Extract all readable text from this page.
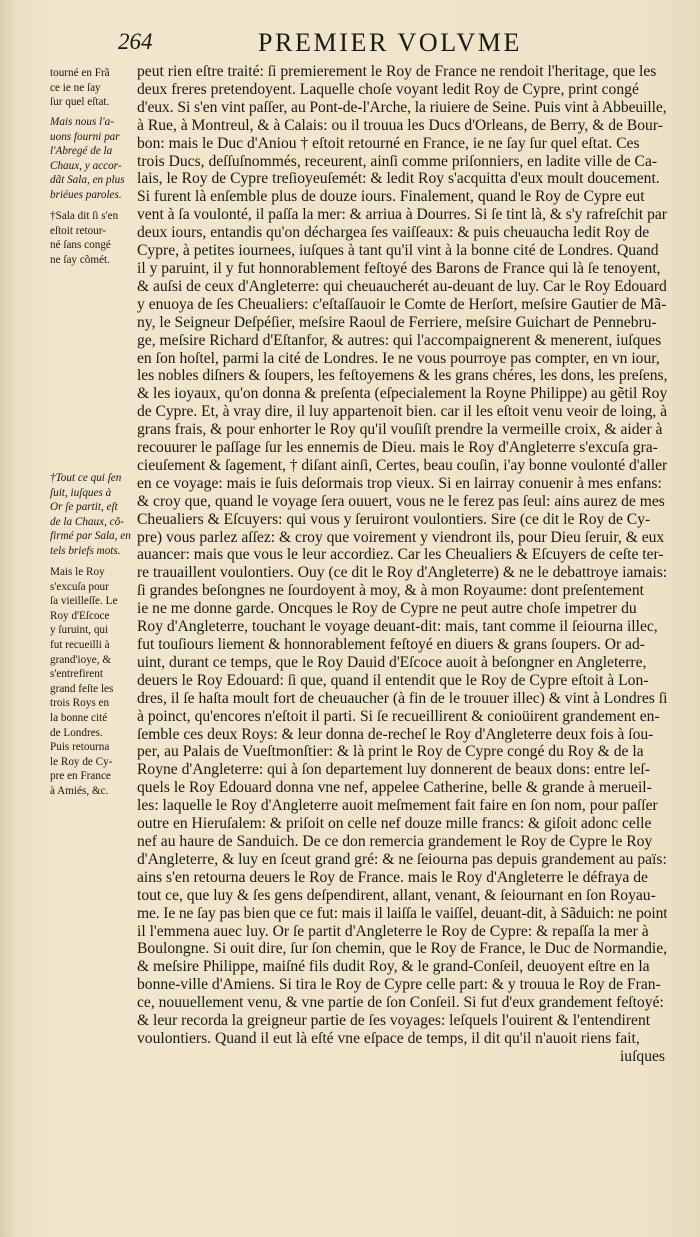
264	PREMIER VOLVME
tourné en Frã
ce ie ne ſay
ſur quel eſtat.
Mais nous l'a-
uons fourni par
l'Abregé de la
Chaux, y accor-
dãt Sala, en plus
briéues paroles.
†Sala dit ſi s'en
eſtoit retour-
né ſans congé
ne ſay cõmét.
†Tout ce qui ſen
ſuit, iuſques à
Or ſe partit, eſt
de la Chaux, cõ-
firmé par Sala, en
tels briefs mots.
Mais le Roy
s'excuſa pour
ſa vieilleſſe. Le
Roy d'Eſcoce
y ſuruint, qui
fut recueilli à
grand'ioye, &
s'entrefirent
grand feſte les
trois Roys en
la bonne cité
de Londres.
Puis retourna
le Roy de Cy-
pre en France
à Amiés, &c.
peut rien eſtre traité: ſi premierement le Roy de France ne rendoit l'heritage, que les
deux freres pretendoyent. Laquelle choſe voyant ledit Roy de Cypre, print congé
d'eux. Si s'en vint paſſer, au Pont-de-l'Arche, la riuiere de Seine. Puis vint à Abbeuille,
à Rue, à Montreul, & à Calais: ou il trouua les Ducs d'Orleans, de Berry, & de Bour-
bon: mais le Duc d'Aniou † eſtoit retourné en France, ie ne ſay ſur quel eſtat. Ces
trois Ducs, deſſuſnommés, receurent, ainſi comme priſonniers, en ladite ville de Ca-
lais, le Roy de Cypre treſioyeuſemét: & ledit Roy s'acquitta d'eux moult doucement.
Si furent là enſemble plus de douze iours. Finalement, quand le Roy de Cypre eut
vent à ſa voulonté, il paſſa la mer: & arriua à Dourres. Si ſe tint là, & s'y rafreſchit par
deux iours, entandis qu'on déchargea ſes vaiſſeaux: & puis cheuaucha ledit Roy de
Cypre, à petites iournees, iuſques à tant qu'il vint à la bonne cité de Londres. Quand
il y paruint, il y fut honnorablement feſtoyé des Barons de France qui là ſe tenoyent,
& auſsi de ceux d'Angleterre: qui cheuaucherét au-deuant de luy. Car le Roy Edouard
y enuoya de ſes Cheualiers: c'eſtaſſauoir le Comte de Herſort, meſsire Gautier de Mã-
ny, le Seigneur Deſpéſier, meſsire Raoul de Ferriere, meſsire Guichart de Pennebru-
ge, meſsire Richard d'Eſtanfor, & autres: qui l'accompaignerent & menerent, iuſques
en ſon hoſtel, parmi la cité de Londres. Ie ne vous pourroye pas compter, en vn iour,
les nobles diſners & ſoupers, les feſtoyemens & les grans chéres, les dons, les preſens,
& les ioyaux, qu'on donna & preſenta (eſpecialement la Royne Philippe) au gẽtil Roy
de Cypre. Et, à vray dire, il luy appartenoit bien. car il les eſtoit venu veoir de loing, à
grans frais, & pour enhorter le Roy qu'il vouſiſt prendre la vermeille croix, & aider à
recouurer le paſſage ſur les ennemis de Dieu. mais le Roy d'Angleterre s'excuſa gra-
cieuſement & ſagement, † diſant ainſi, Certes, beau couſin, i'ay bonne voulonté d'aller
en ce voyage: mais ie ſuis deſormais trop vieux. Si en lairray conuenir à mes enfans:
& croy que, quand le voyage ſera ouuert, vous ne le ferez pas ſeul: ains aurez de mes
Cheualiers & Eſcuyers: qui vous y ſeruiront voulontiers. Sire (ce dit le Roy de Cy-
pre) vous parlez aſſez: & croy que voirement y viendront ils, pour Dieu ſeruir, & eux
auancer: mais que vous le leur accordiez. Car les Cheualiers & Eſcuyers de ceſte ter-
re trauaillent voulontiers. Ouy (ce dit le Roy d'Angleterre) & ne le debattroye iamais:
ſi grandes beſongnes ne ſourdoyent à moy, & à mon Royaume: dont preſentement
ie ne me donne garde. Oncques le Roy de Cypre ne peut autre choſe impetrer du
Roy d'Angleterre, touchant le voyage deuant-dit: mais, tant comme il ſeiourna illec,
fut touſiours liement & honnorablement feſtoyé en diuers & grans ſoupers. Or ad-
uint, durant ce temps, que le Roy Dauid d'Eſcoce auoit à beſongner en Angleterre,
deuers le Roy Edouard: ſi que, quand il entendit que le Roy de Cypre eſtoit à Lon-
dres, il ſe haſta moult fort de cheuaucher (à fin de le trouuer illec) & vint à Londres ſi
à poinct, qu'encores n'eſtoit il parti. Si ſe recueillirent & conioüirent grandement en-
ſemble ces deux Roys: & leur donna de-recheſ le Roy d'Angleterre deux fois à ſou-
per, au Palais de Vueſtmonſtier: & là print le Roy de Cypre congé du Roy & de la
Royne d'Angleterre: qui à ſon departement luy donnerent de beaux dons: entre leſ-
quels le Roy Edouard donna vne nef, appelee Catherine, belle & grande à merueil-
les: laquelle le Roy d'Angleterre auoit meſmement fait faire en ſon nom, pour paſſer
outre en Hieruſalem: & priſoit on celle nef douze mille francs: & giſoit adonc celle
nef au haure de Sanduich. De ce don remercia grandement le Roy de Cypre le Roy
d'Angleterre, & luy en ſceut grand gré: & ne ſeiourna pas depuis grandement au païs:
ains s'en retourna deuers le Roy de France. mais le Roy d'Angleterre le défraya de
tout ce, que luy & ſes gens deſpendirent, allant, venant, & ſeiournant en ſon Royau-
me. Ie ne ſay pas bien que ce fut: mais il laiſſa le vaiſſel, deuant-dit, à Sãduich: ne point
il l'emmena auec luy. Or ſe partit d'Angleterre le Roy de Cypre: & repaſſa la mer à
Boulongne. Si ouit dire, ſur ſon chemin, que le Roy de France, le Duc de Normandie,
& meſsire Philippe, maiſné fils dudit Roy, & le grand-Conſeil, deuoyent eſtre en la
bonne-ville d'Amiens. Si tira le Roy de Cypre celle part: & y trouua le Roy de Fran-
ce, nouuellement venu, & vne partie de ſon Conſeil. Si fut d'eux grandement feſtoyé:
& leur recorda la greigneur partie de ſes voyages: leſquels l'ouirent & l'entendirent
voulontiers. Quand il eut là eſté vne eſpace de temps, il dit qu'il n'auoit riens fait,
iuſques
